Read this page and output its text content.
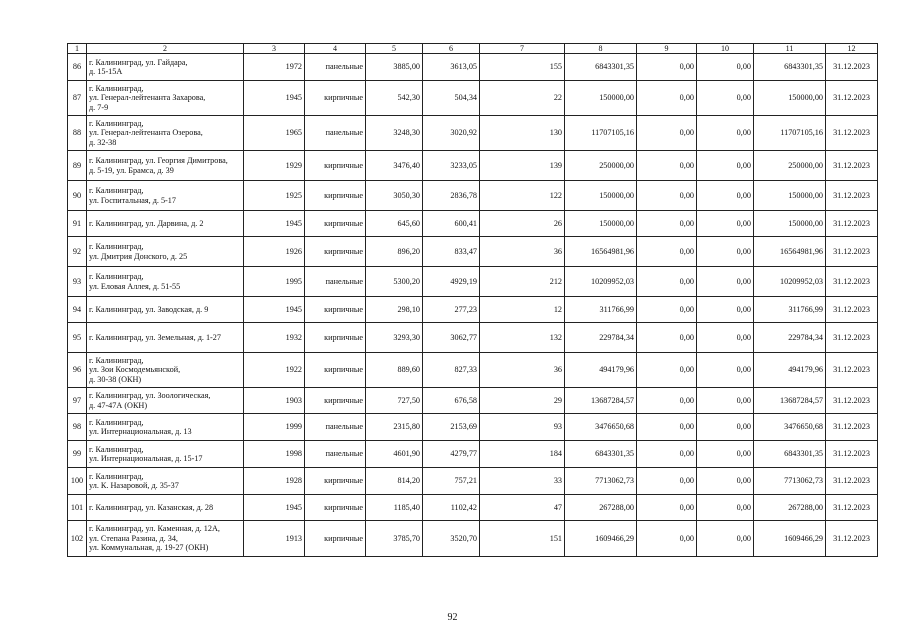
1	2	3	4	5	6	7	8	9	10	11	12
86	г. Калининград, ул. Гайдара,
д. 15-15А	1972	панельные	3885,00	3613,05	155	6843301,35	0,00	0,00	6843301,35	31.12.2023
87	г. Калининград,
ул. Генерал-лейтенанта Захарова,
д. 7-9	1945	кирпичные	542,30	504,34	22	150000,00	0,00	0,00	150000,00	31.12.2023
88	г. Калининград,
ул. Генерал-лейтенанта Озерова,
д. 32-38	1965	панельные	3248,30	3020,92	130	11707105,16	0,00	0,00	11707105,16	31.12.2023
89	г. Калининград, ул. Георгия Димитрова,
д. 5-19, ул. Брамса, д. 39	1929	кирпичные	3476,40	3233,05	139	250000,00	0,00	0,00	250000,00	31.12.2023
90	г. Калининград,
ул. Госпитальная, д. 5-17	1925	кирпичные	3050,30	2836,78	122	150000,00	0,00	0,00	150000,00	31.12.2023
91	г. Калининград, ул. Дарвина, д. 2	1945	кирпичные	645,60	600,41	26	150000,00	0,00	0,00	150000,00	31.12.2023
92	г. Калининград,
ул. Дмитрия Донского, д. 25	1926	кирпичные	896,20	833,47	36	16564981,96	0,00	0,00	16564981,96	31.12.2023
93	г. Калининград,
ул. Еловая Аллея, д. 51-55	1995	панельные	5300,20	4929,19	212	10209952,03	0,00	0,00	10209952,03	31.12.2023
94	г. Калининград, ул. Заводская, д. 9	1945	кирпичные	298,10	277,23	12	311766,99	0,00	0,00	311766,99	31.12.2023
95	г. Калининград, ул. Земельная, д. 1-27	1932	кирпичные	3293,30	3062,77	132	229784,34	0,00	0,00	229784,34	31.12.2023
96	г. Калининград,
ул. Зои Космодемьянской,
д. 30-38 (ОКН)	1922	кирпичные	889,60	827,33	36	494179,96	0,00	0,00	494179,96	31.12.2023
97	г. Калининград, ул. Зоологическая,
д. 47-47А (ОКН)	1903	кирпичные	727,50	676,58	29	13687284,57	0,00	0,00	13687284,57	31.12.2023
98	г. Калининград,
ул. Интернациональная, д. 13	1999	панельные	2315,80	2153,69	93	3476650,68	0,00	0,00	3476650,68	31.12.2023
99	г. Калининград,
ул. Интернациональная, д. 15-17	1998	панельные	4601,90	4279,77	184	6843301,35	0,00	0,00	6843301,35	31.12.2023
100	г. Калининград,
ул. К. Назаровой, д. 35-37	1928	кирпичные	814,20	757,21	33	7713062,73	0,00	0,00	7713062,73	31.12.2023
101	г. Калининград, ул. Казанская, д. 28	1945	кирпичные	1185,40	1102,42	47	267288,00	0,00	0,00	267288,00	31.12.2023
102	г. Калининград, ул. Каменная, д. 12А,
ул. Степана Разина, д. 34,
ул. Коммунальная, д. 19-27 (ОКН)	1913	кирпичные	3785,70	3520,70	151	1609466,29	0,00	0,00	1609466,29	31.12.2023
92
